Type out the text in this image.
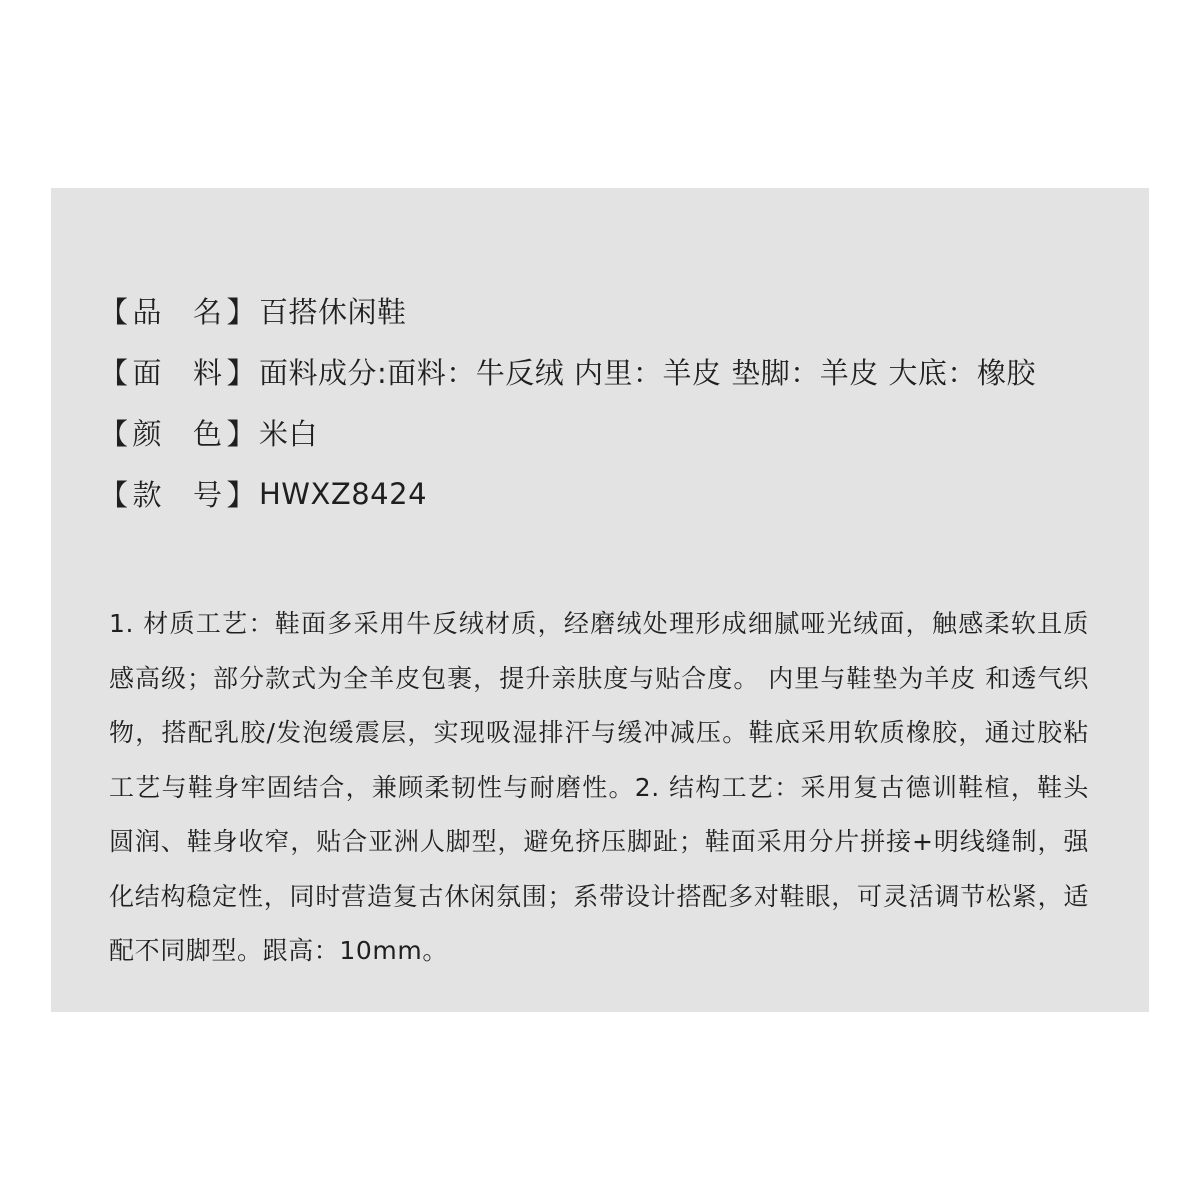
【 品 名 】 百搭休闲鞋
【 面 料 】 面料成分:面料：牛反绒 内里：羊皮 垫脚：羊皮 大底：橡胶
【 颜 色 】 米白
【 款 号 】 HWXZ8424

1. 材质工艺：鞋面多采用牛反绒材质，经磨绒处理形成细腻哑光绒面，触感柔软且质感高级；部分款式为全羊皮包裹，提升亲肤度与贴合度。 内里与鞋垫为羊皮 和透气织物，搭配乳胶/发泡缓震层，实现吸湿排汗与缓冲减压。鞋底采用软质橡胶，通过胶粘工艺与鞋身牢固结合，兼顾柔韧性与耐磨性。2. 结构工艺：采用复古德训鞋楦，鞋头圆润、鞋身收窄，贴合亚洲人脚型，避免挤压脚趾；鞋面采用分片拼接+明线缝制，强化结构稳定性，同时营造复古休闲氛围；系带设计搭配多对鞋眼，可灵活调节松紧，适配不同脚型。跟高：10mm。
